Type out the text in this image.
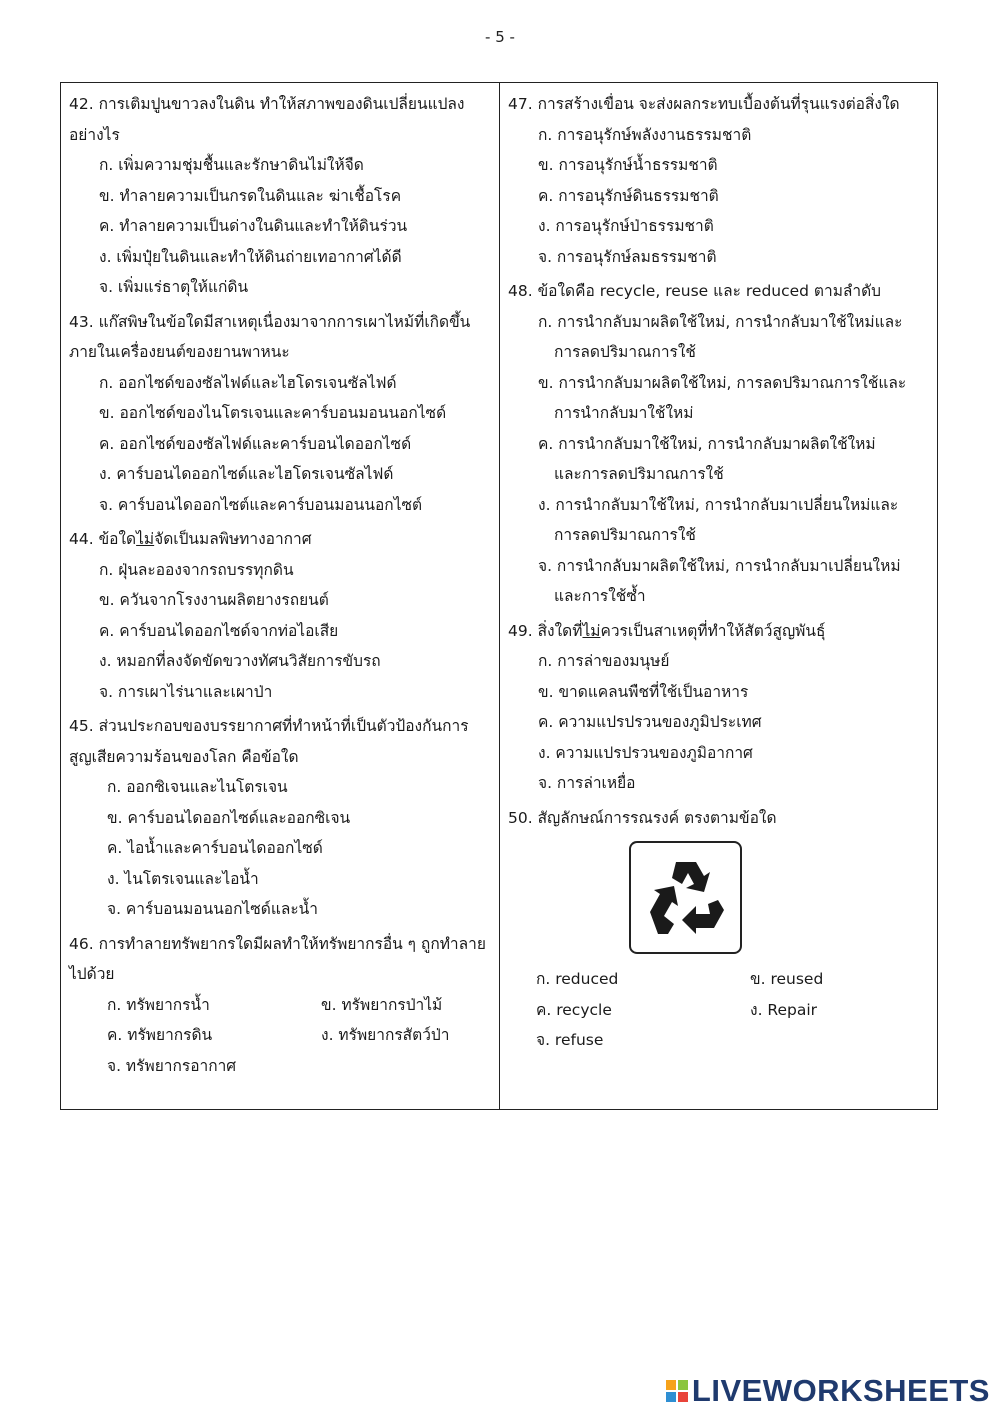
- 5 -
42. การเติมปูนขาวลงในดิน ทำให้สภาพของดินเปลี่ยนแปลงอย่างไร
ก. เพิ่มความชุ่มชื้นและรักษาดินไม่ให้จืด
ข. ทำลายความเป็นกรดในดินและ ฆ่าเชื้อโรค
ค. ทำลายความเป็นด่างในดินและทำให้ดินร่วน
ง. เพิ่มปุ๋ยในดินและทำให้ดินถ่ายเทอากาศได้ดี
จ. เพิ่มแร่ธาตุให้แก่ดิน
43. แก๊สพิษในข้อใดมีสาเหตุเนื่องมาจากการเผาไหม้ที่เกิดขึ้นภายในเครื่องยนต์ของยานพาหนะ
ก. ออกไซด์ของซัลไฟด์และไฮโดรเจนซัลไฟด์
ข. ออกไซด์ของไนโตรเจนและคาร์บอนมอนนอกไซด์
ค. ออกไซด์ของซัลไฟด์และคาร์บอนไดออกไซด์
ง. คาร์บอนไดออกไซด์และไฮโดรเจนซัลไฟด์
จ. คาร์บอนไดออกไซต์และคาร์บอนมอนนอกไซต์
44. ข้อใดไม่จัดเป็นมลพิษทางอากาศ
ก. ฝุ่นละอองจากรถบรรทุกดิน
ข. ควันจากโรงงานผลิตยางรถยนต์
ค. คาร์บอนไดออกไซด์จากท่อไอเสีย
ง. หมอกที่ลงจัดขัดขวางทัศนวิสัยการขับรถ
จ. การเผาไร่นาและเผาป่า
45. ส่วนประกอบของบรรยากาศที่ทำหน้าที่เป็นตัวป้องกันการสูญเสียความร้อนของโลก คือข้อใด
ก. ออกซิเจนและไนโตรเจน
ข. คาร์บอนไดออกไซด์และออกซิเจน
ค. ไอน้ำและคาร์บอนไดออกไซด์
ง. ไนโตรเจนและไอน้ำ
จ. คาร์บอนมอนนอกไซด์และน้ำ
46. การทำลายทรัพยากรใดมีผลทำให้ทรัพยากรอื่น ๆ ถูกทำลายไปด้วย
ก. ทรัพยากรน้ำ	ข. ทรัพยากรป่าไม้
ค. ทรัพยากรดิน	ง. ทรัพยากรสัตว์ป่า
จ. ทรัพยากรอากาศ
47. การสร้างเขื่อน จะส่งผลกระทบเบื้องต้นที่รุนแรงต่อสิ่งใด
ก. การอนุรักษ์พลังงานธรรมชาติ
ข. การอนุรักษ์น้ำธรรมชาติ
ค. การอนุรักษ์ดินธรรมชาติ
ง. การอนุรักษ์ป่าธรรมชาติ
จ. การอนุรักษ์ลมธรรมชาติ
48. ข้อใดคือ recycle, reuse และ reduced ตามลำดับ
ก. การนำกลับมาผลิตใช้ใหม่, การนำกลับมาใช้ใหม่และ
การลดปริมาณการใช้
ข. การนำกลับมาผลิตใช้ใหม่, การลดปริมาณการใช้และ
การนำกลับมาใช้ใหม่
ค. การนำกลับมาใช้ใหม่, การนำกลับมาผลิตใช้ใหม่
และการลดปริมาณการใช้
ง. การนำกลับมาใช้ใหม่, การนำกลับมาเปลี่ยนใหม่และ
การลดปริมาณการใช้
จ. การนำกลับมาผลิตใช้ใหม่, การนำกลับมาเปลี่ยนใหม่
และการใช้ซ้ำ
49. สิ่งใดที่ไม่ควรเป็นสาเหตุที่ทำให้สัตว์สูญพันธุ์
ก. การล่าของมนุษย์
ข. ขาดแคลนพืชที่ใช้เป็นอาหาร
ค. ความแปรปรวนของภูมิประเทศ
ง. ความแปรปรวนของภูมิอากาศ
จ. การล่าเหยื่อ
50. สัญลักษณ์การรณรงค์ ตรงตามข้อใด
ก. reduced	ข. reused
ค. recycle	ง. Repair
จ. refuse
LIVEWORKSHEETS
